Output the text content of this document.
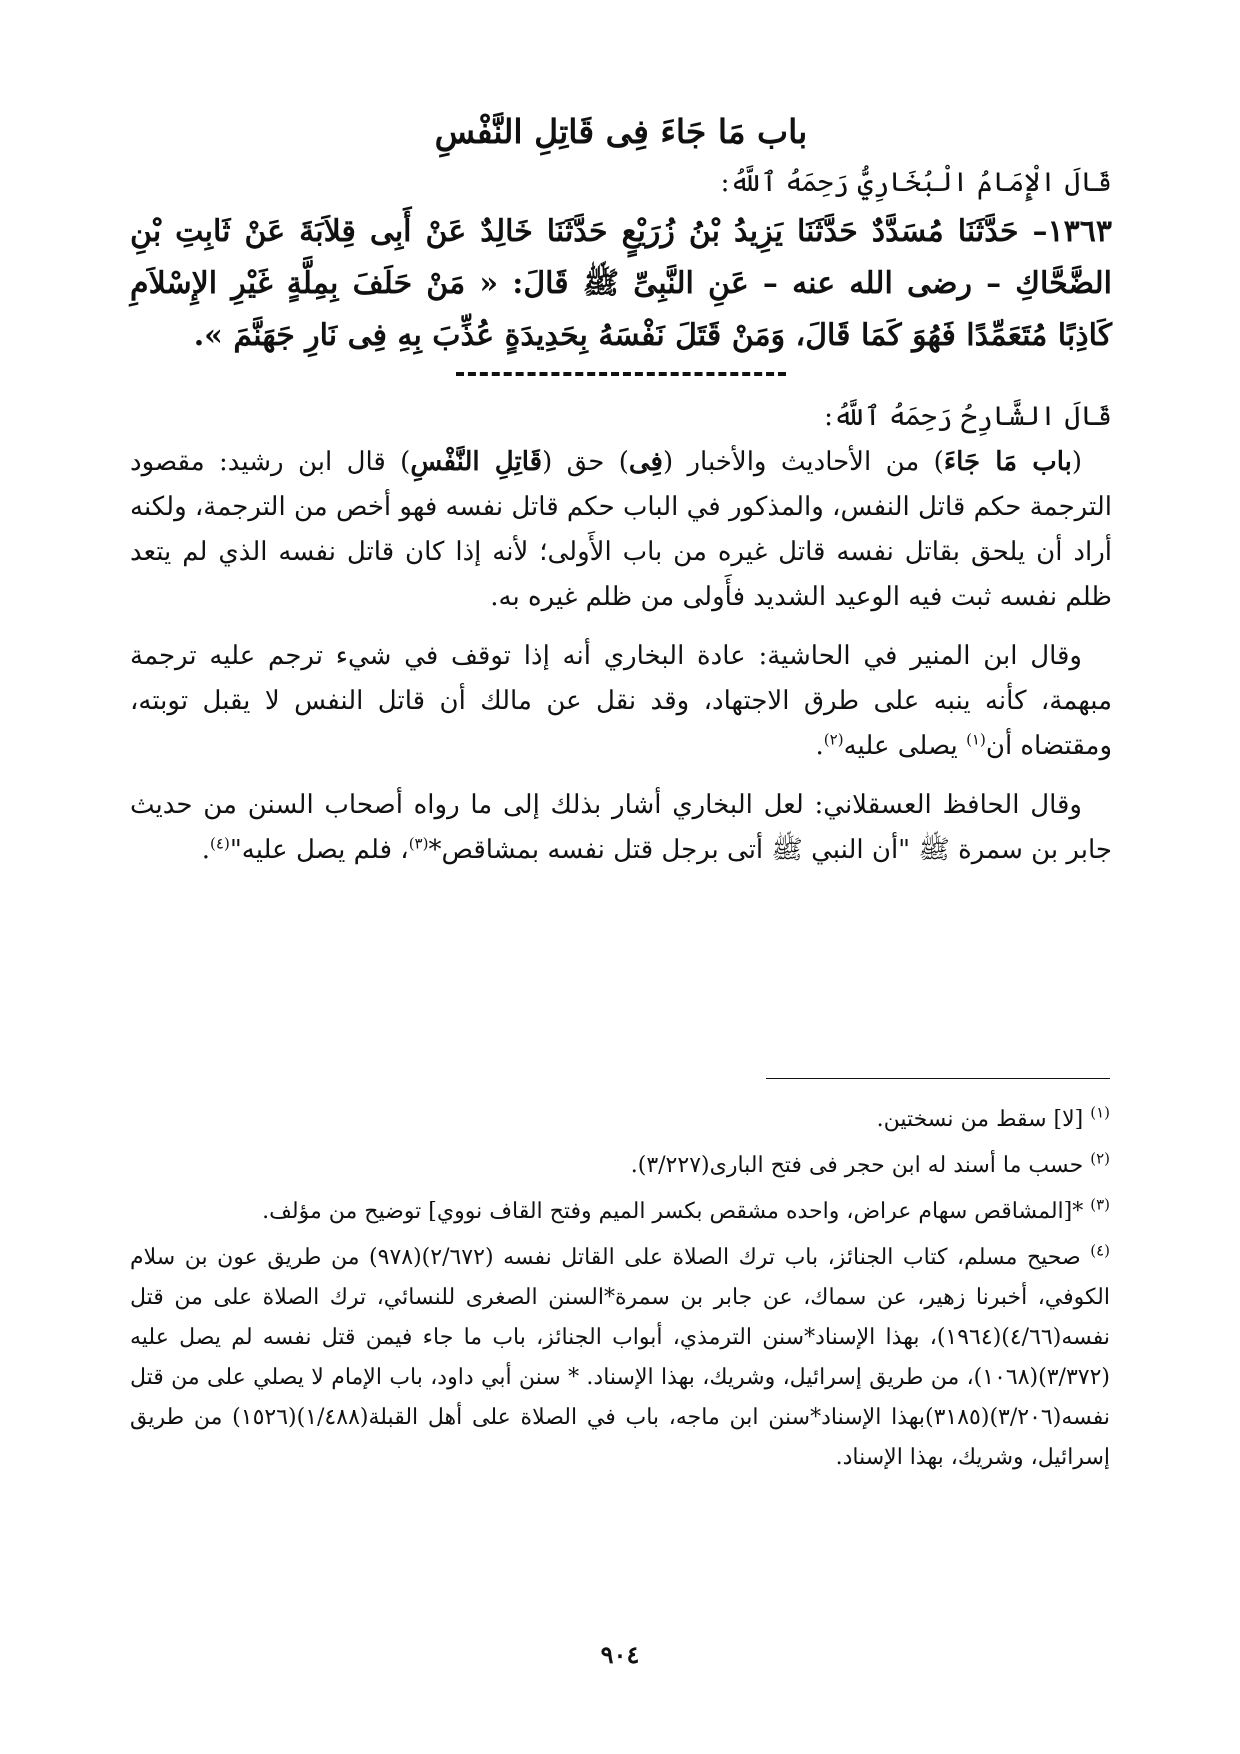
باب مَا جَاءَ فِى قَاتِلِ النَّفْسِ

قَالَ الْإِمَامُ الْبُخَارِيُّ رَحِمَهُ ٱللَّهُ:

١٣٦٣– حَدَّثَنَا مُسَدَّدٌ حَدَّثَنَا يَزِيدُ بْنُ زُرَيْعٍ حَدَّثَنَا خَالِدٌ عَنْ أَبِى قِلاَبَةَ عَنْ ثَابِتِ بْنِ الضَّحَّاكِ – رضى الله عنه – عَنِ النَّبِىِّ ﷺ قَالَ: « مَنْ حَلَفَ بِمِلَّةٍ غَيْرِ الإِسْلاَمِ كَاذِبًا مُتَعَمِّدًا فَهُوَ كَمَا قَالَ، وَمَنْ قَتَلَ نَفْسَهُ بِحَدِيدَةٍ عُذِّبَ بِهِ فِى نَارِ جَهَنَّمَ ».

قَالَ الشَّارِحُ رَحِمَهُ ٱللَّهُ:

(باب مَا جَاءَ) من الأحاديث والأخبار (فِى) حق (قَاتِلِ النَّفْسِ) قال ابن رشيد: مقصود الترجمة حكم قاتل النفس، والمذكور في الباب حكم قاتل نفسه فهو أخص من الترجمة، ولكنه أراد أن يلحق بقاتل نفسه قاتل غيره من باب الأَولى؛ لأنه إذا كان قاتل نفسه الذي لم يتعد ظلم نفسه ثبت فيه الوعيد الشديد فأَولى من ظلم غيره به.

وقال ابن المنير في الحاشية: عادة البخاري أنه إذا توقف في شيء ترجم عليه ترجمة مبهمة، كأنه ينبه على طرق الاجتهاد، وقد نقل عن مالك أن قاتل النفس لا يقبل توبته، ومقتضاه أن$^{(١)}$ يصلى عليه$^{(٢)}$.

وقال الحافظ العسقلاني: لعل البخاري أشار بذلك إلى ما رواه أصحاب السنن من حديث جابر بن سمرة ﷺ "أن النبي ﷺ أتى برجل قتل نفسه بمشاقص*$^{(٣)}$، فلم يصل عليه"$^{(٤)}$.

$^{(١)}$ [لا] سقط من نسختين.

$^{(٢)}$ حسب ما أسند له ابن حجر فى فتح البارى(٣/٢٢٧).

$^{(٣)}$ *[المشاقص سهام عراض، واحده مشقص بكسر الميم وفتح القاف نووي] توضيح من مؤلف.

$^{(٤)}$ صحيح مسلم، كتاب الجنائز، باب ترك الصلاة على القاتل نفسه (٢/٦٧٢)(٩٧٨) من طريق عون بن سلام الكوفي، أخبرنا زهير، عن سماك، عن جابر بن سمرة*السنن الصغرى للنسائي، ترك الصلاة على من قتل نفسه(٤/٦٦)(١٩٦٤)، بهذا الإسناد*سنن الترمذي، أبواب الجنائز، باب ما جاء فيمن قتل نفسه لم يصل عليه (٣/٣٧٢)(١٠٦٨)، من طريق إسرائيل، وشريك، بهذا الإسناد. * سنن أبي داود، باب الإمام لا يصلي على من قتل نفسه(٣/٢٠٦)(٣١٨٥)بهذا الإسناد*سنن ابن ماجه، باب في الصلاة على أهل القبلة(١/٤٨٨)(١٥٢٦) من طريق إسرائيل، وشريك، بهذا الإسناد.

٩٠٤
